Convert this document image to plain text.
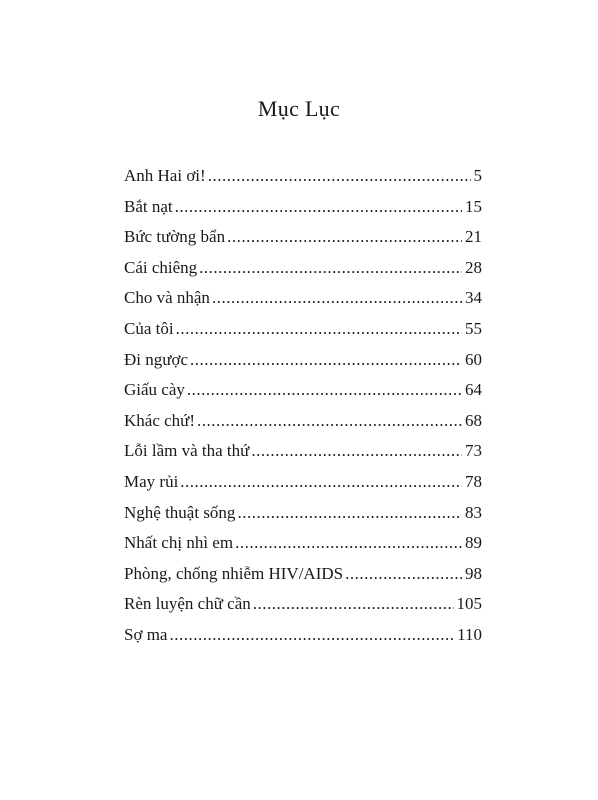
Mục Lục
Anh Hai ơi! .....	5
Bắt nạt .....	15
Bức tường bẩn .....	21
Cái chiêng .....	28
Cho và nhận .....	34
Của tôi .....	55
Đi ngược .....	60
Giấu cày .....	64
Khác chứ! .....	68
Lỗi lầm và tha thứ .....	73
May rủi .....	78
Nghệ thuật sống .....	83
Nhất chị nhì em .....	89
Phòng, chống nhiễm HIV/AIDS .....	98
Rèn luyện chữ cần .....	105
Sợ ma .....	110
